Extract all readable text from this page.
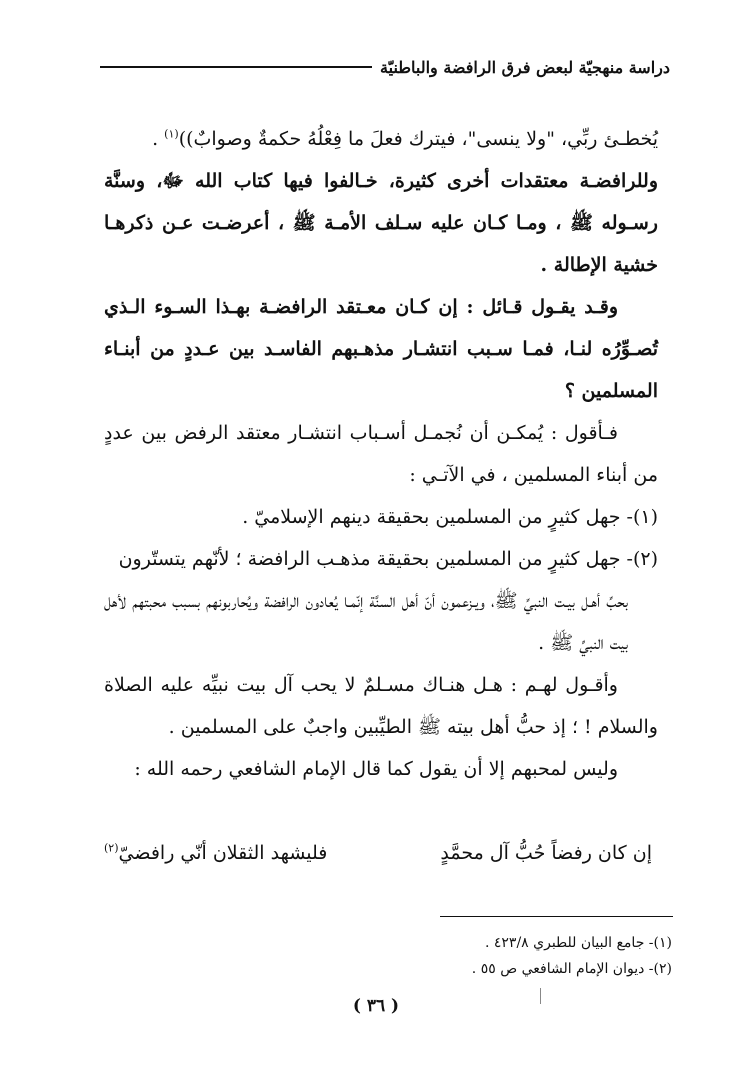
دراسة منهجيّة لبعض فرق الرافضة والباطنيّة

يُخطـئ ربِّي، "ولا ينسى"، فيترك فعلَ ما فِعْلُهُ حكمةٌ وصوابٌ))$^{(١)}$ .

وللرافضـة معتقدات أخرى كثيرة، خـالفوا فيها كتاب الله ﷻ، وسنَّة رسـوله ﷺ ، ومـا كـان عليه سـلف الأمـة ﷺ ، أعرضـت عـن ذكرهـا خشية الإطالة .

وقـد يقـول قـائل : إن كـان معـتقد الرافضـة بهـذا السـوء الـذي تُصـوِّرُه لنـا، فمـا سـبب انتشـار مذهـبهم الفاسـد بين عـددٍ من أبنـاء المسلمين ؟

فـأقول : يُمكـن أن نُجمـل أسـباب انتشـار معتقد الرفض بين عددٍ من أبناء المسلمين ، في الآتـي :

(١)- جهل كثيرٍ من المسلمين بحقيقة دينهم الإسلاميّ .

(٢)- جهل كثيرٍ من المسلمين بحقيقة مذهـب الرافضة ؛ لأنّهم يتستّرون

بحبِّ أهـل بيـت النبيِّ ﷺ، ويـزعمون أنّ أهل السنَّة إنّمـا يُعادون الرافضة ويُحاربونهم بسبب محبتهم لأهل بيت النبيِّ ﷺ .

وأقـول لهـم : هـل هنـاك مسـلمٌ لا يحب آل بيت نبيِّه عليه الصلاة والسلام ! ؛ إذ حبُّ أهل بيته ﷺ الطيِّبين واجبٌ على المسلمين .

وليس لمحبهم إلا أن يقول كما قال الإمام الشافعي رحمه الله :

إن كان رفضاً حُبُّ آل محمَّدٍ
فليشهد الثقلان أنّي رافضيّ$^{(٢)}$

(١)- جامع البيان للطبري ٤٢٣/٨ .

(٢)- ديوان الإمام الشافعي ص ٥٥ .

( ٣٦ )
